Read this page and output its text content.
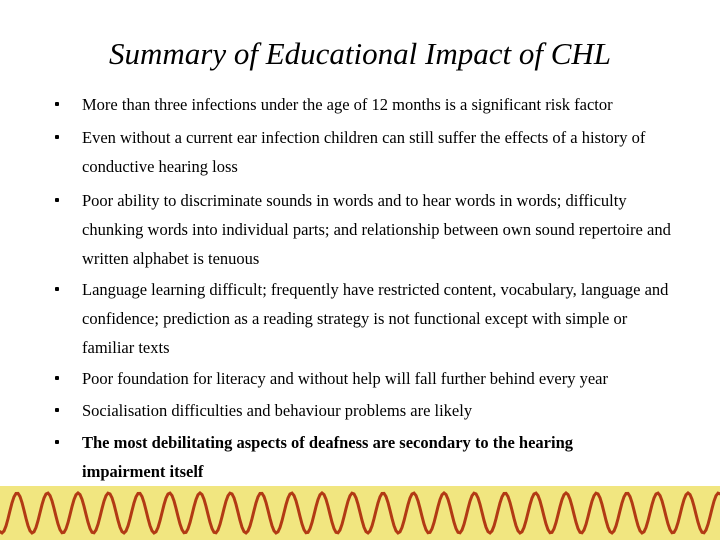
Summary of Educational Impact of CHL
More than three infections under the age of 12 months is a significant risk factor
Even without a current ear infection children can still suffer the effects of a history of conductive hearing loss
Poor ability to discriminate sounds in words and to hear words in words; difficulty chunking words into individual parts; and relationship between own sound repertoire and written alphabet is tenuous
Language learning difficult; frequently have restricted content, vocabulary, language and confidence; prediction as a reading strategy is not functional except with simple or familiar texts
Poor foundation for literacy and without help will fall further behind every year
Socialisation difficulties and behaviour problems are likely
The most debilitating aspects of deafness are secondary to the hearing impairment itself
